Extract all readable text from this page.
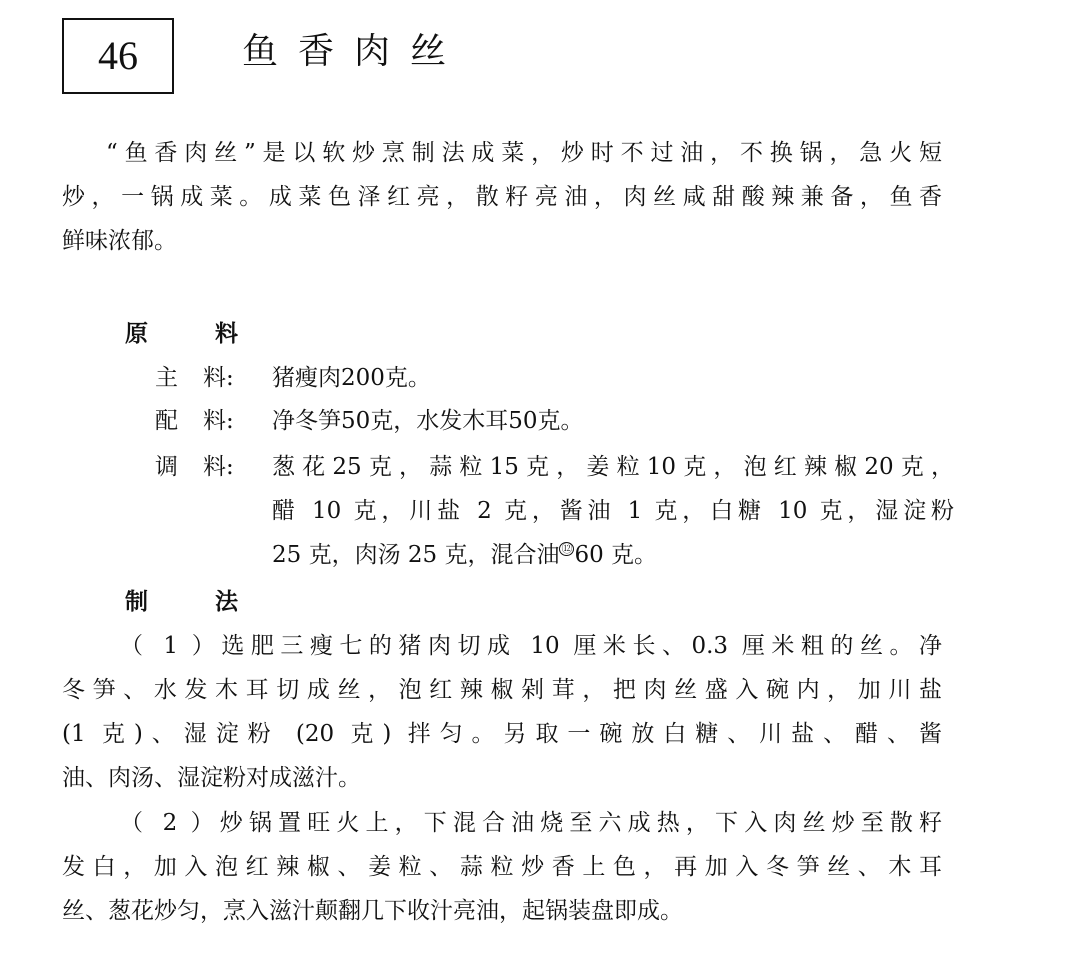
46	鱼香肉丝
“鱼香肉丝”是以软炒烹制法成菜，炒时不过油，不换锅，急火短
炒，一锅成菜。成菜色泽红亮，散籽亮油，肉丝咸甜酸辣兼备，鱼香
鲜味浓郁。
原	料
主 料: 猪瘦肉200克。
配 料: 净冬笋50克，水发木耳50克。
调 料: 葱花25克，蒜粒15克，姜粒10克，泡红辣椒20克，
醋 10 克，川盐 2 克，酱油 1 克，白糖 10 克，湿淀粉
25 克，肉汤 25 克，混合油 ⑫60 克。
制	法
（ 1 ）选肥三瘦七的猪肉切成 10 厘米长、0.3 厘米粗的丝。净
冬笋、水发木耳切成丝，泡红辣椒剁茸，把肉丝盛入碗内，加川盐
(1 克)、湿淀粉 (20 克) 拌匀。另取一碗放白糖、川盐、醋、酱
油、肉汤、湿淀粉对成滋汁。
（ 2 ）炒锅置旺火上，下混合油烧至六成热，下入肉丝炒至散籽
发白，加入泡红辣椒、姜粒、蒜粒炒香上色，再加入冬笋丝、木耳
丝、葱花炒匀，烹入滋汁颠翻几下收汁亮油，起锅装盘即成。
